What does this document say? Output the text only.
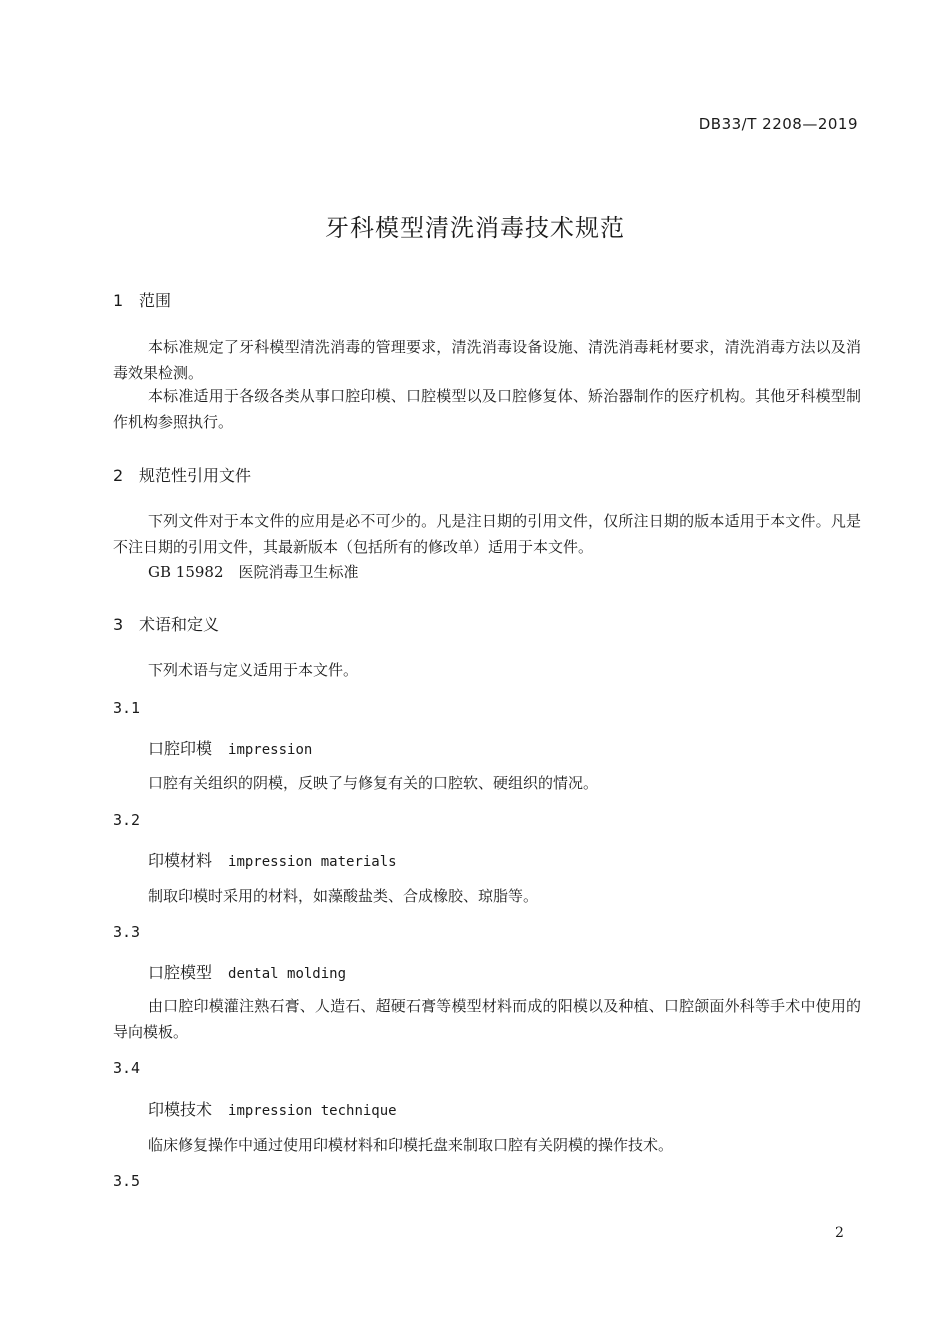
DB33/T 2208—2019
牙科模型清洗消毒技术规范
1 范围
本标准规定了牙科模型清洗消毒的管理要求，清洗消毒设备设施、清洗消毒耗材要求，清洗消毒方法以及消毒效果检测。
本标准适用于各级各类从事口腔印模、口腔模型以及口腔修复体、矫治器制作的医疗机构。其他牙科模型制作机构参照执行。
2 规范性引用文件
下列文件对于本文件的应用是必不可少的。凡是注日期的引用文件，仅所注日期的版本适用于本文件。凡是不注日期的引用文件，其最新版本（包括所有的修改单）适用于本文件。
GB 15982　医院消毒卫生标准
3 术语和定义
下列术语与定义适用于本文件。
3.1
口腔印模 impression
口腔有关组织的阴模，反映了与修复有关的口腔软、硬组织的情况。
3.2
印模材料 impression materials
制取印模时采用的材料，如藻酸盐类、合成橡胶、琼脂等。
3.3
口腔模型 dental molding
由口腔印模灌注熟石膏、人造石、超硬石膏等模型材料而成的阳模以及种植、口腔颌面外科等手术中使用的导向模板。
3.4
印模技术 impression technique
临床修复操作中通过使用印模材料和印模托盘来制取口腔有关阴模的操作技术。
3.5
2
